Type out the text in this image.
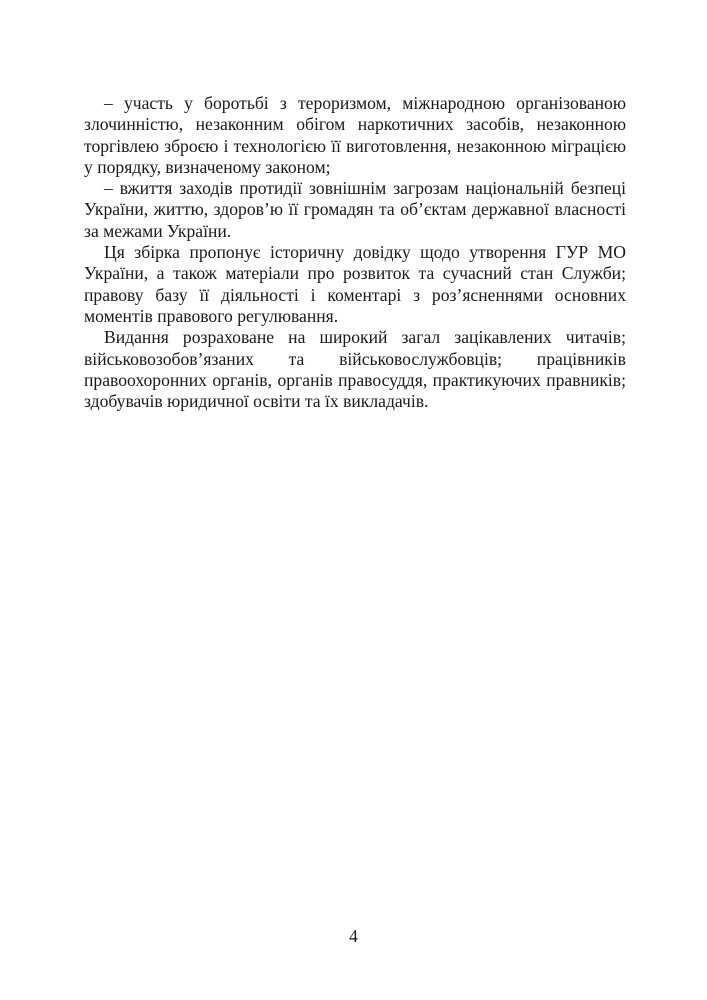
– участь у боротьбі з тероризмом, міжнародною організованою злочинністю, незаконним обігом наркотичних засобів, незаконною торгівлею зброєю і технологією її виготовлення, незаконною міграцією у порядку, визначеному законом;

– вжиття заходів протидії зовнішнім загрозам національній безпеці України, життю, здоров’ю її громадян та об’єктам державної власності за межами України.

Ця збірка пропонує історичну довідку щодо утворення ГУР МО України, а також матеріали про розвиток та сучасний стан Служби; правову базу її діяльності і коментарі з роз’ясненнями основних моментів правового регулювання.

Видання розраховане на широкий загал зацікавлених читачів; військовозобов’язаних та військовослужбовців; працівників правоохоронних органів, органів правосуддя, практикуючих правників; здобувачів юридичної освіти та їх викладачів.

4
